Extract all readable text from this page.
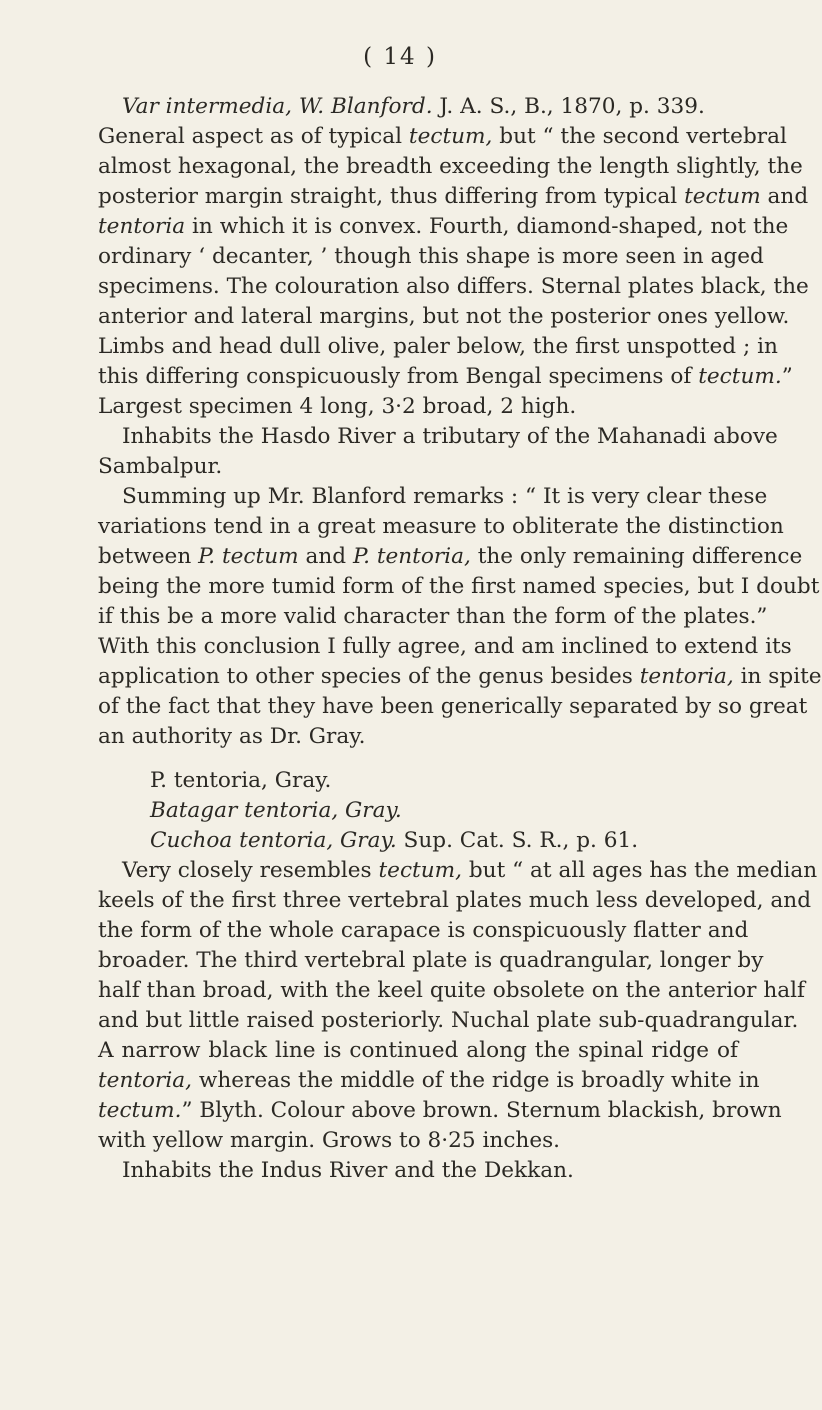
( 14 )
Var intermedia, W. Blanford. J. A. S., B., 1870, p. 339.
General aspect as of typical tectum, but “ the second vertebral
almost hexagonal, the breadth exceeding the length slightly, the
posterior margin straight, thus differing from typical tectum and
tentoria in which it is convex. Fourth, diamond-shaped, not the
ordinary ‘ decanter, ’ though this shape is more seen in aged
specimens. The colouration also differs. Sternal plates black, the
anterior and lateral margins, but not the posterior ones yellow.
Limbs and head dull olive, paler below, the first unspotted ; in
this differing conspicuously from Bengal specimens of tectum.”
Largest specimen 4 long, 3·2 broad, 2 high.
Inhabits the Hasdo River a tributary of the Mahanadi above
Sambalpur.
Summing up Mr. Blanford remarks : “ It is very clear these
variations tend in a great measure to obliterate the distinction
between P. tectum and P. tentoria, the only remaining difference
being the more tumid form of the first named species, but I doubt
if this be a more valid character than the form of the plates.”
With this conclusion I fully agree, and am inclined to extend its
application to other species of the genus besides tentoria, in spite
of the fact that they have been generically separated by so great
an authority as Dr. Gray.
P. tentoria, Gray.
Batagar tentoria, Gray.
Cuchoa tentoria, Gray. Sup. Cat. S. R., p. 61.
Very closely resembles tectum, but “ at all ages has the median
keels of the first three vertebral plates much less developed, and
the form of the whole carapace is conspicuously flatter and
broader. The third vertebral plate is quadrangular, longer by
half than broad, with the keel quite obsolete on the anterior half
and but little raised posteriorly. Nuchal plate sub-quadrangular.
A narrow black line is continued along the spinal ridge of
tentoria, whereas the middle of the ridge is broadly white in
tectum.” Blyth. Colour above brown. Sternum blackish, brown
with yellow margin. Grows to 8·25 inches.
Inhabits the Indus River and the Dekkan.
